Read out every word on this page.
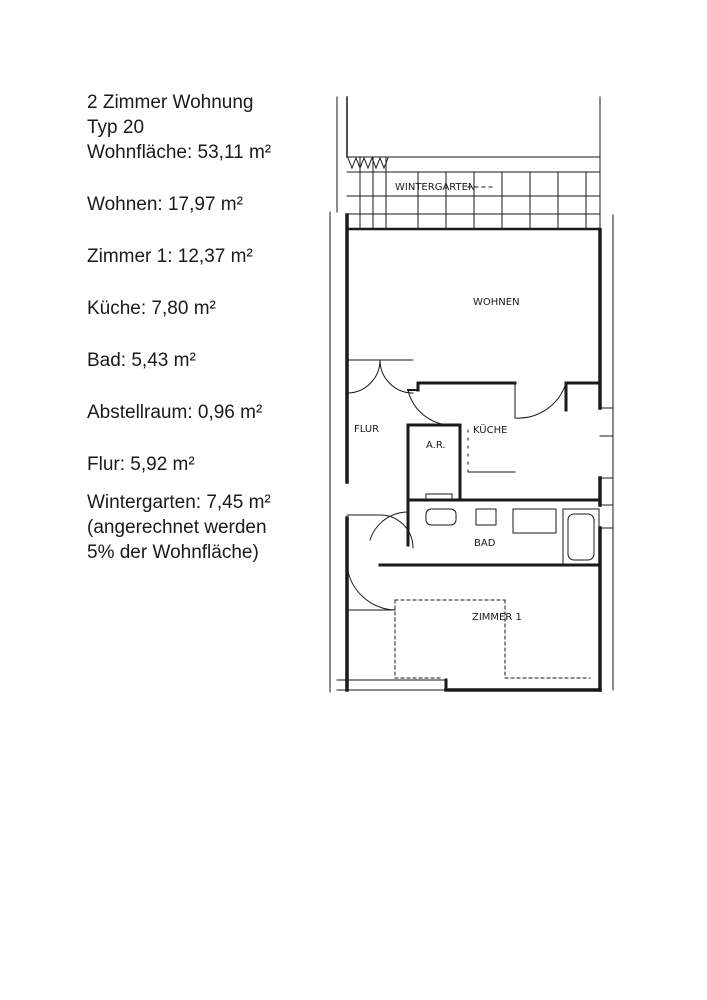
2 Zimmer Wohnung

Typ 20

Wohnfläche: 53,11 m²

Wohnen: 17,97 m²

Zimmer 1: 12,37 m²

Küche: 7,80 m²

Bad: 5,43 m²

Abstellraum: 0,96 m²

Flur: 5,92 m²

Wintergarten: 7,45 m²

(angerechnet werden

5% der Wohnfläche)

WINTERGARTEN
WOHNEN
FLUR
A.R.
KÜCHE
BAD
ZIMMER 1
